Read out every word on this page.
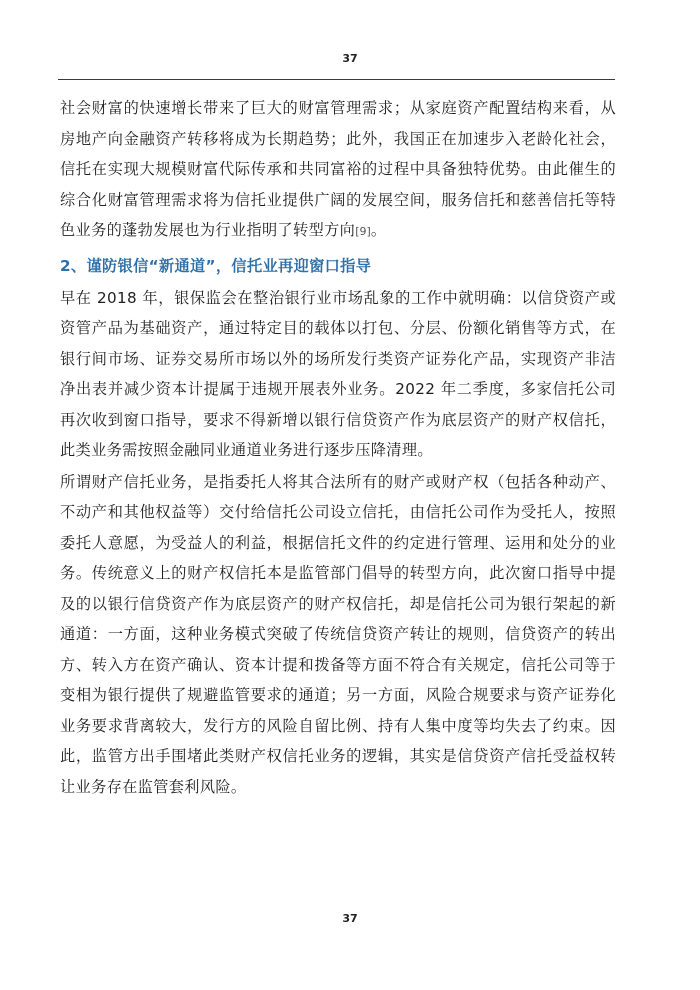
37

社会财富的快速增长带来了巨大的财富管理需求；从家庭资产配置结构来看，从房地产向金融资产转移将成为长期趋势；此外，我国正在加速步入老龄化社会，信托在实现大规模财富代际传承和共同富裕的过程中具备独特优势。由此催生的综合化财富管理需求将为信托业提供广阔的发展空间，服务信托和慈善信托等特色业务的蓬勃发展也为行业指明了转型方向[9]。

2、谨防银信“新通道”，信托业再迎窗口指导

早在 2018 年，银保监会在整治银行业市场乱象的工作中就明确：以信贷资产或资管产品为基础资产，通过特定目的载体以打包、分层、份额化销售等方式，在银行间市场、证券交易所市场以外的场所发行类资产证券化产品，实现资产非洁净出表并减少资本计提属于违规开展表外业务。2022 年二季度，多家信托公司再次收到窗口指导，要求不得新增以银行信贷资产作为底层资产的财产权信托，此类业务需按照金融同业通道业务进行逐步压降清理。

所谓财产信托业务，是指委托人将其合法所有的财产或财产权（包括各种动产、不动产和其他权益等）交付给信托公司设立信托，由信托公司作为受托人，按照委托人意愿，为受益人的利益，根据信托文件的约定进行管理、运用和处分的业务。传统意义上的财产权信托本是监管部门倡导的转型方向，此次窗口指导中提及的以银行信贷资产作为底层资产的财产权信托，却是信托公司为银行架起的新通道：一方面，这种业务模式突破了传统信贷资产转让的规则，信贷资产的转出方、转入方在资产确认、资本计提和拨备等方面不符合有关规定，信托公司等于变相为银行提供了规避监管要求的通道；另一方面，风险合规要求与资产证券化业务要求背离较大，发行方的风险自留比例、持有人集中度等均失去了约束。因此，监管方出手围堵此类财产权信托业务的逻辑，其实是信贷资产信托受益权转让业务存在监管套利风险。

37
